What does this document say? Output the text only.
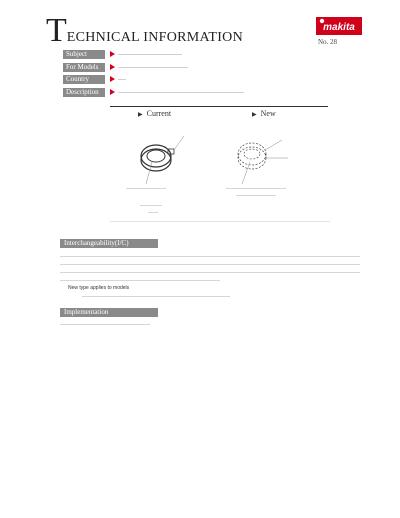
TECHNICAL INFORMATION
makita
No. 28
Subject
For Models
Country
Description
▶ Current	▶ New
Interchangeability(I/C)
New type applies to models
Implementation
